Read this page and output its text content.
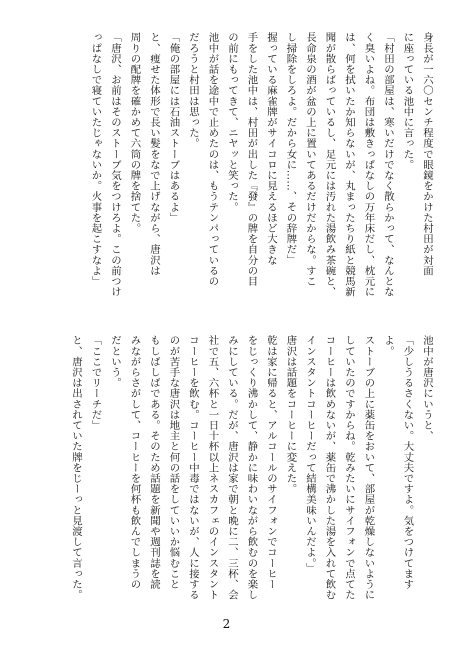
身長が一六〇センチ程度で眼鏡をかけた村田が対面
に座っている池中に言った。
「村田の部屋は、寒いだけでなく散らかって、なんとな
く臭いよね。布団は敷きっぱなしの万年床だし、枕元に
は、何を拭いたか知らないが、丸まったちり紙と競馬新
聞が散らばっているし、足元には汚れた湯飲み茶碗と、
長命泉の酒が盆の上に置いてあるだけだからな。すこ
し掃除をしろよ。だから女に……、その辞牌だ」
握っている麻雀牌がサイコロに見えるほど大きな
手をした池中は、村田が出した『發』の牌を自分の目
の前にもってきて、ニヤッと笑った。
池中が話を途中で止めたのは、もうテンパっているの
だろうと村田は思った。
「俺の部屋には石油ストーブはあるよ」
と、痩せた体形で長い髪をなで上げながら、唐沢は
周りの配牌を確かめて六筒の牌を捨てた。
「唐沢、お前はそのストーブ気をつけろよ。この前つけ
っぱなしで寝ていたじゃないか。火事を起こすなよ」
池中が唐沢にいうと、
「少しうるさくない。大丈夫ですよ。気をつけてますよ。
ストーブの上に薬缶をおいて、部屋が乾燥しないように
していたのですからね。乾みたいにサイフォンで点てた
コーヒーは飲めないが、薬缶で沸かした湯を入れて飲む
インスタントコーヒーだって結構美味いんだよ。」
唐沢は話題をコーヒーに変えた。
乾は家に帰ると、アルコールのサイフォンでコーヒー
をじっくり沸かして、静かに味わいながら飲むのを楽し
みにしている。だが、唐沢は家で朝と晩に二、三杯、会
社で五、六杯と一日十杯以上ネスカフェのインスタント
コーヒーを飲む。コーヒー中毒ではないが、人に接する
のが苦手な唐沢は地主と何の話をしていいか悩むこと
もしばしばである。そのため話題を新聞や週刊誌を読
みながらさがして、コーヒーを何杯も飲んでしまうの
だという。
「ここでリーチだ」
と、唐沢は出されていた牌をじーっと見渡して言った。
2
